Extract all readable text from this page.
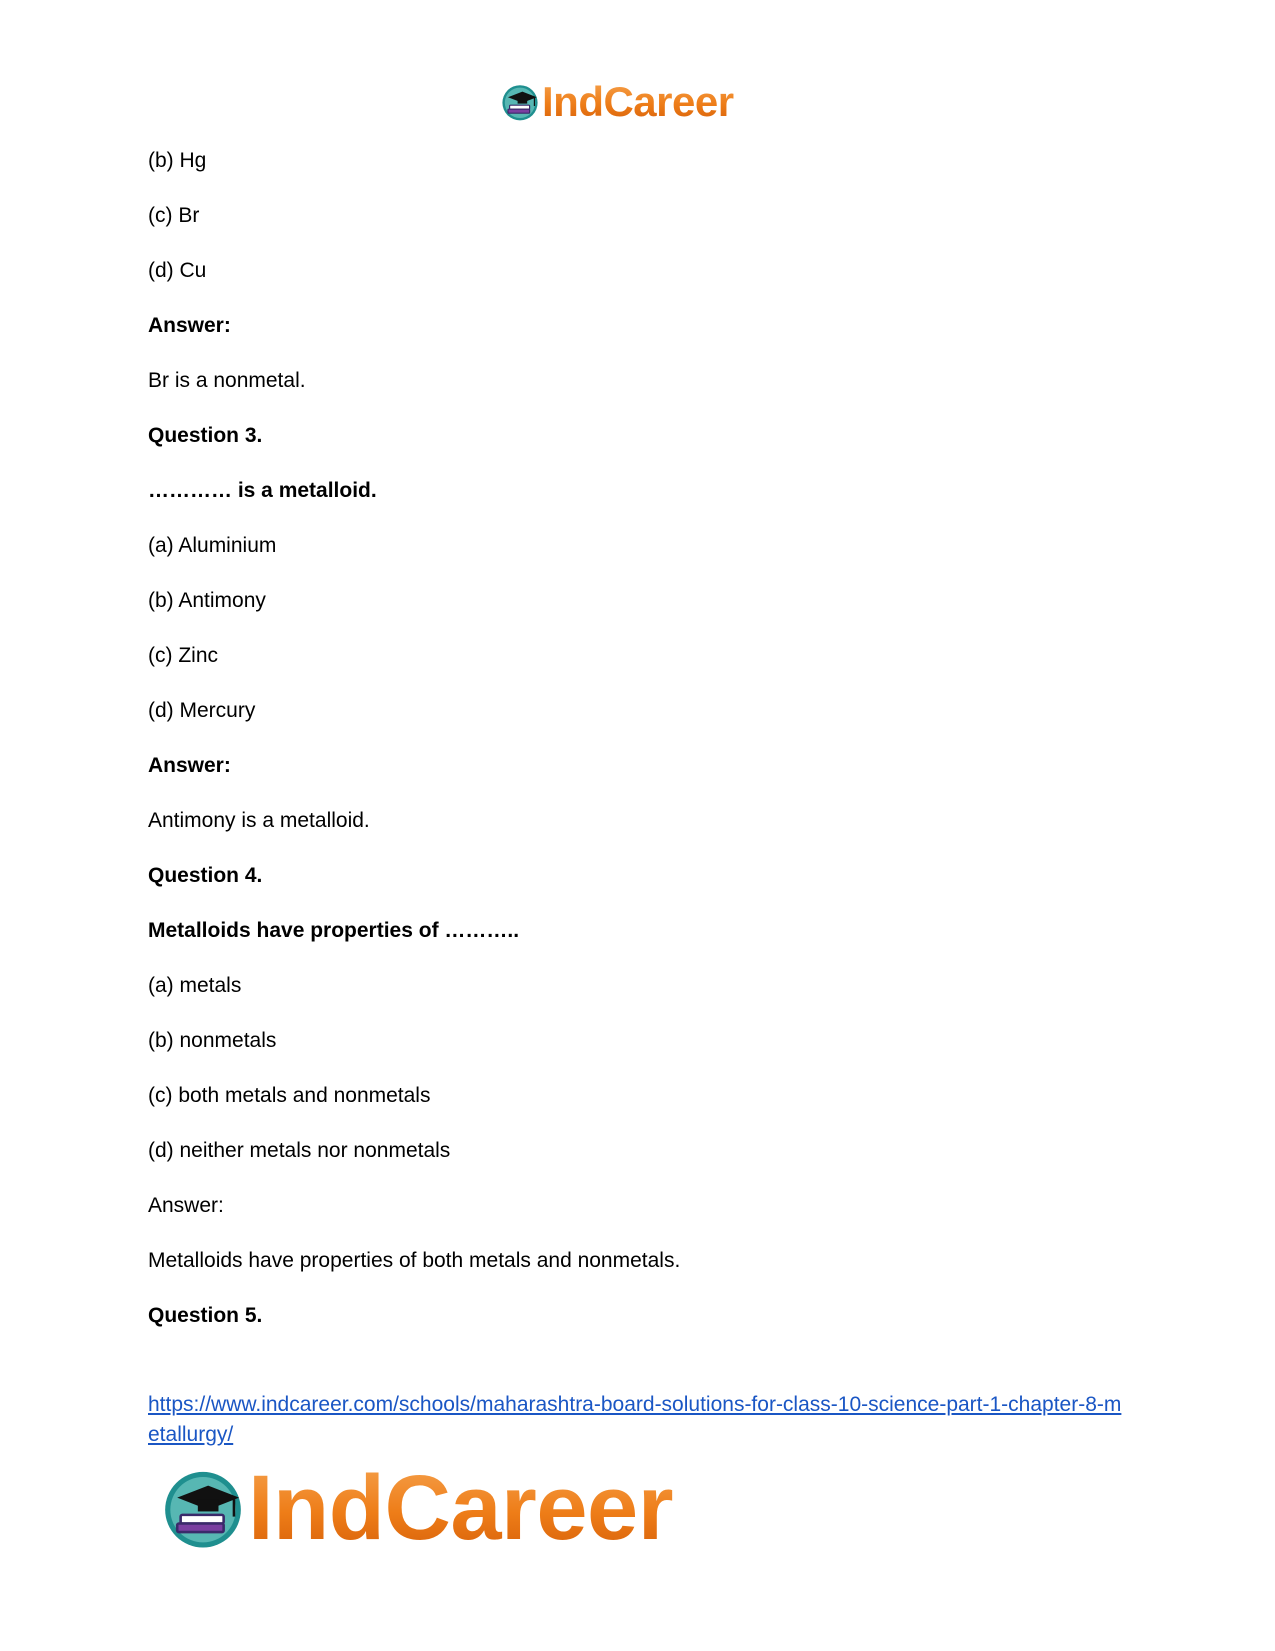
IndCareer
(b) Hg
(c) Br
(d) Cu
Answer:
Br is a nonmetal.
Question 3.
………… is a metalloid.
(a) Aluminium
(b) Antimony
(c) Zinc
(d) Mercury
Answer:
Antimony is a metalloid.
Question 4.
Metalloids have properties of ………..
(a) metals
(b) nonmetals
(c) both metals and nonmetals
(d) neither metals nor nonmetals
Answer:
Metalloids have properties of both metals and nonmetals.
Question 5.
https://www.indcareer.com/schools/maharashtra-board-solutions-for-class-10-science-part-1-chapter-8-metallurgy/
IndCareer
